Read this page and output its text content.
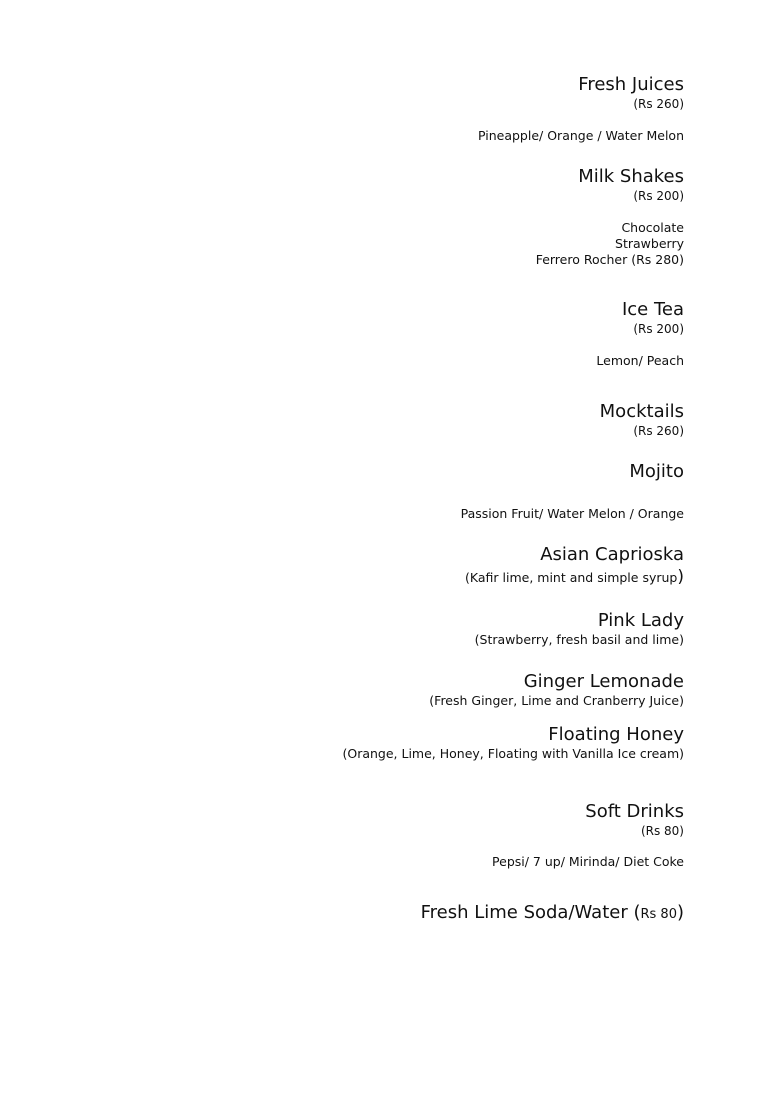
Fresh Juices
(Rs 260)
Pineapple/ Orange / Water Melon
Milk Shakes
(Rs 200)
Chocolate
Strawberry
Ferrero Rocher (Rs 280)
Ice Tea
(Rs 200)
Lemon/ Peach
Mocktails
(Rs 260)
Mojito
Passion Fruit/ Water Melon / Orange
Asian Caprioska
(Kafir lime, mint and simple syrup)
Pink Lady
(Strawberry, fresh basil and lime)
Ginger Lemonade
(Fresh Ginger, Lime and Cranberry Juice)
Floating Honey
(Orange, Lime, Honey, Floating with Vanilla Ice cream)
Soft Drinks
(Rs 80)
Pepsi/ 7 up/ Mirinda/ Diet Coke
Fresh Lime Soda/Water (Rs 80)
